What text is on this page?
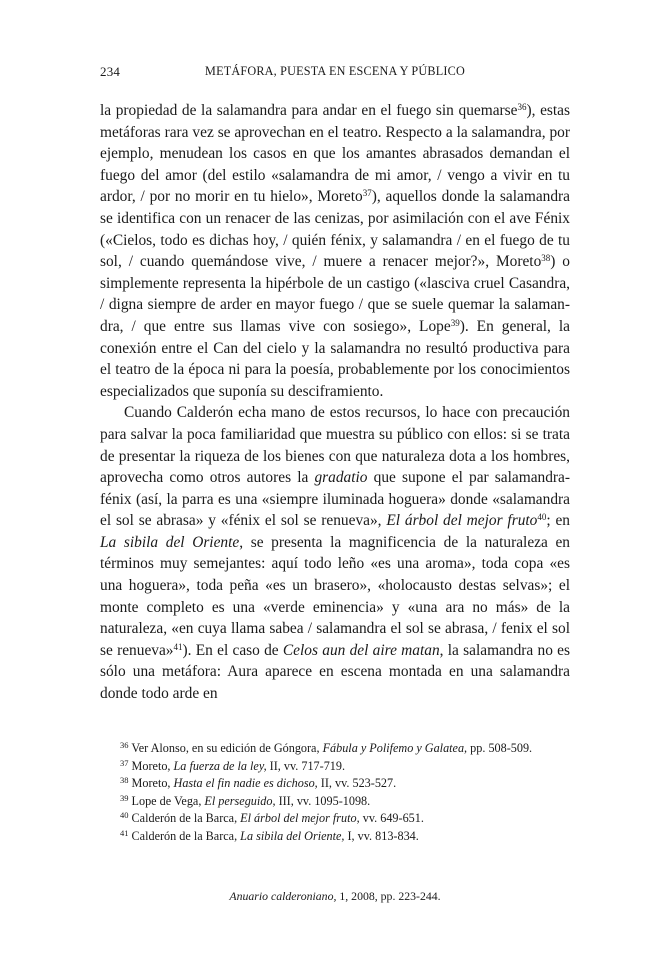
234	METÁFORA, PUESTA EN ESCENA Y PÚBLICO

la propiedad de la salamandra para andar en el fuego sin quemarse$^{36}$), estas metáforas rara vez se aprovechan en el teatro. Respecto a la salamandra, por ejemplo, menudean los casos en que los amantes abrasados demandan el fuego del amor (del estilo «salamandra de mi amor, / vengo a vivir en tu ardor, / por no morir en tu hielo», Moreto$^{37}$), aquellos donde la salamandra se identifica con un renacer de las cenizas, por asimilación con el ave Fénix («Cielos, todo es dichas hoy, / quién fénix, y salamandra / en el fuego de tu sol, / cuando quemándose vive, / muere a renacer mejor?», Moreto$^{38}$) o simplemente representa la hipérbole de un castigo («lasciva cruel Casandra, / digna siempre de arder en mayor fuego / que se suele quemar la salamandra, / que entre sus llamas vive con sosiego», Lope$^{39}$). En general, la conexión entre el Can del cielo y la salamandra no resultó productiva para el teatro de la época ni para la poesía, probablemente por los conocimientos especializados que suponía su desciframiento.

Cuando Calderón echa mano de estos recursos, lo hace con precaución para salvar la poca familiaridad que muestra su público con ellos: si se trata de presentar la riqueza de los bienes con que naturaleza dota a los hombres, aprovecha como otros autores la gradatio que supone el par salamandra-fénix (así, la parra es una «siempre iluminada hoguera» donde «salamandra el sol se abrasa» y «fénix el sol se renueva», El árbol del mejor fruto$^{40}$; en La sibila del Oriente, se presenta la magnificencia de la naturaleza en términos muy semejantes: aquí todo leño «es una aroma», toda copa «es una hoguera», toda peña «es un brasero», «holocausto destas selvas»; el monte completo es una «verde eminencia» y «una ara no más» de la naturaleza, «en cuya llama sabea / salamandra el sol se abrasa, / fenix el sol se renueva»$^{41}$). En el caso de Celos aun del aire matan, la salamandra no es sólo una metáfora: Aura aparece en escena montada en una salamandra donde todo arde en

$^{36}$ Ver Alonso, en su edición de Góngora, Fábula y Polifemo y Galatea, pp. 508-509.

$^{37}$ Moreto, La fuerza de la ley, II, vv. 717-719.

$^{38}$ Moreto, Hasta el fin nadie es dichoso, II, vv. 523-527.

$^{39}$ Lope de Vega, El perseguido, III, vv. 1095-1098.

$^{40}$ Calderón de la Barca, El árbol del mejor fruto, vv. 649-651.

$^{41}$ Calderón de la Barca, La sibila del Oriente, I, vv. 813-834.

Anuario calderoniano, 1, 2008, pp. 223-244.
